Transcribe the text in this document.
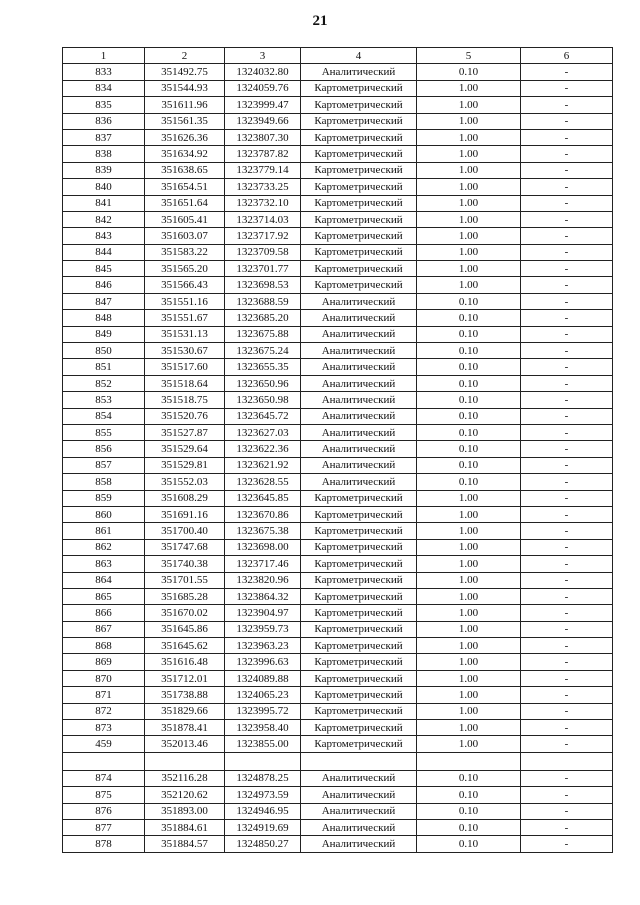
21
1	2	3	4	5	6
833	351492.75	1324032.80	Аналитический	0.10	-
834	351544.93	1324059.76	Картометрический	1.00	-
835	351611.96	1323999.47	Картометрический	1.00	-
836	351561.35	1323949.66	Картометрический	1.00	-
837	351626.36	1323807.30	Картометрический	1.00	-
838	351634.92	1323787.82	Картометрический	1.00	-
839	351638.65	1323779.14	Картометрический	1.00	-
840	351654.51	1323733.25	Картометрический	1.00	-
841	351651.64	1323732.10	Картометрический	1.00	-
842	351605.41	1323714.03	Картометрический	1.00	-
843	351603.07	1323717.92	Картометрический	1.00	-
844	351583.22	1323709.58	Картометрический	1.00	-
845	351565.20	1323701.77	Картометрический	1.00	-
846	351566.43	1323698.53	Картометрический	1.00	-
847	351551.16	1323688.59	Аналитический	0.10	-
848	351551.67	1323685.20	Аналитический	0.10	-
849	351531.13	1323675.88	Аналитический	0.10	-
850	351530.67	1323675.24	Аналитический	0.10	-
851	351517.60	1323655.35	Аналитический	0.10	-
852	351518.64	1323650.96	Аналитический	0.10	-
853	351518.75	1323650.98	Аналитический	0.10	-
854	351520.76	1323645.72	Аналитический	0.10	-
855	351527.87	1323627.03	Аналитический	0.10	-
856	351529.64	1323622.36	Аналитический	0.10	-
857	351529.81	1323621.92	Аналитический	0.10	-
858	351552.03	1323628.55	Аналитический	0.10	-
859	351608.29	1323645.85	Картометрический	1.00	-
860	351691.16	1323670.86	Картометрический	1.00	-
861	351700.40	1323675.38	Картометрический	1.00	-
862	351747.68	1323698.00	Картометрический	1.00	-
863	351740.38	1323717.46	Картометрический	1.00	-
864	351701.55	1323820.96	Картометрический	1.00	-
865	351685.28	1323864.32	Картометрический	1.00	-
866	351670.02	1323904.97	Картометрический	1.00	-
867	351645.86	1323959.73	Картометрический	1.00	-
868	351645.62	1323963.23	Картометрический	1.00	-
869	351616.48	1323996.63	Картометрический	1.00	-
870	351712.01	1324089.88	Картометрический	1.00	-
871	351738.88	1324065.23	Картометрический	1.00	-
872	351829.66	1323995.72	Картометрический	1.00	-
873	351878.41	1323958.40	Картометрический	1.00	-
459	352013.46	1323855.00	Картометрический	1.00	-

874	352116.28	1324878.25	Аналитический	0.10	-
875	352120.62	1324973.59	Аналитический	0.10	-
876	351893.00	1324946.95	Аналитический	0.10	-
877	351884.61	1324919.69	Аналитический	0.10	-
878	351884.57	1324850.27	Аналитический	0.10	-
